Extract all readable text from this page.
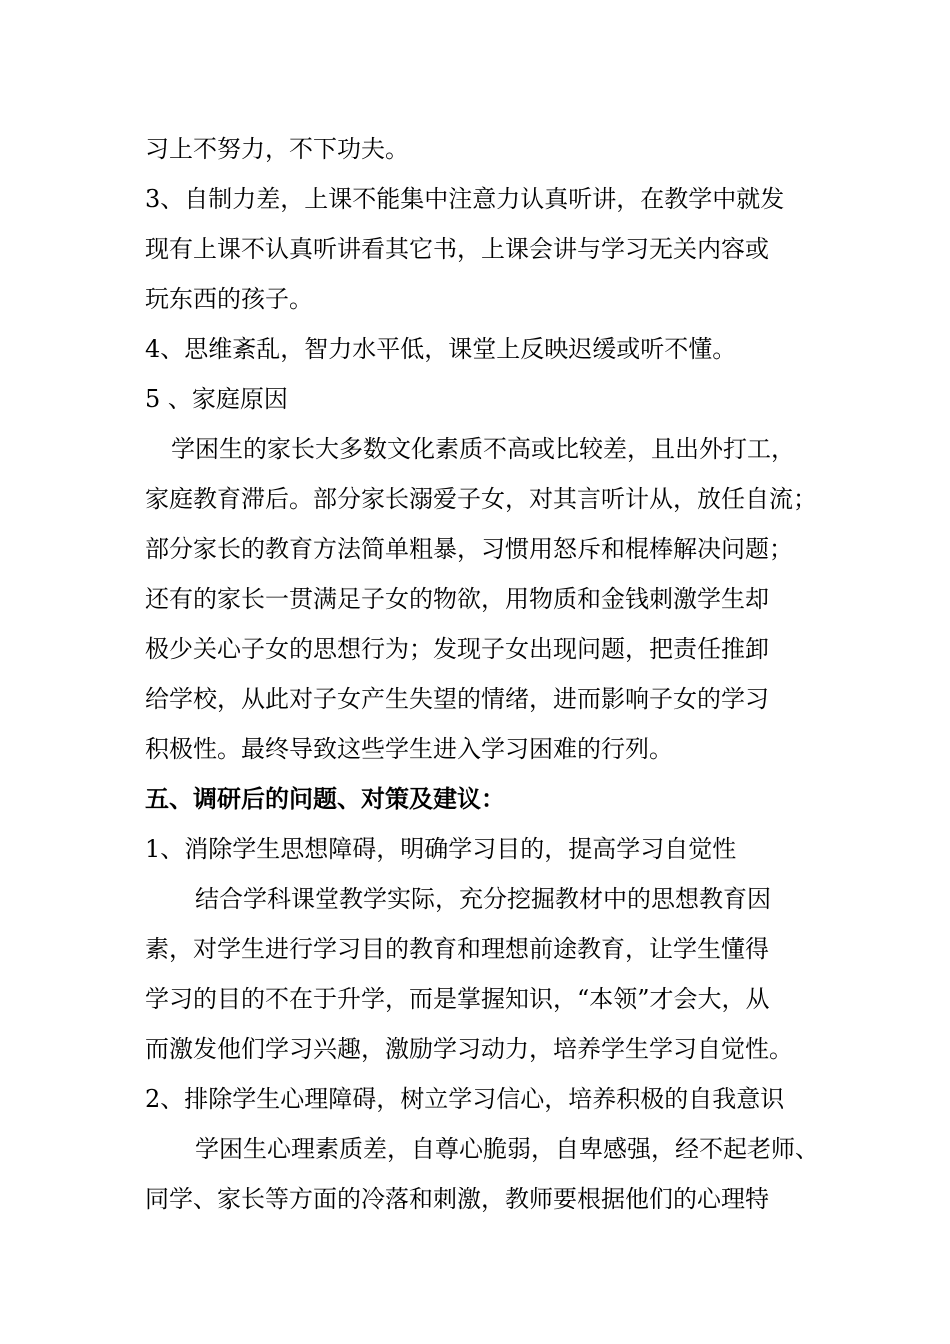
习上不努力，不下功夫。
3、自制力差，上课不能集中注意力认真听讲，在教学中就发
现有上课不认真听讲看其它书，上课会讲与学习无关内容或
玩东西的孩子。
4、思维紊乱，智力水平低，课堂上反映迟缓或听不懂。
5 、家庭原因
学困生的家长大多数文化素质不高或比较差，且出外打工，
家庭教育滞后。部分家长溺爱子女，对其言听计从，放任自流；
部分家长的教育方法简单粗暴，习惯用怒斥和棍棒解决问题；
还有的家长一贯满足子女的物欲，用物质和金钱刺激学生却
极少关心子女的思想行为；发现子女出现问题，把责任推卸
给学校，从此对子女产生失望的情绪，进而影响子女的学习
积极性。最终导致这些学生进入学习困难的行列。
五、调研后的问题、对策及建议：
1、消除学生思想障碍，明确学习目的，提高学习自觉性
结合学科课堂教学实际，充分挖掘教材中的思想教育因
素，对学生进行学习目的教育和理想前途教育，让学生懂得
学习的目的不在于升学，而是掌握知识，“本领”才会大，从
而激发他们学习兴趣，激励学习动力，培养学生学习自觉性。
2、排除学生心理障碍，树立学习信心，培养积极的自我意识
学困生心理素质差，自尊心脆弱，自卑感强，经不起老师、
同学、家长等方面的冷落和刺激，教师要根据他们的心理特
